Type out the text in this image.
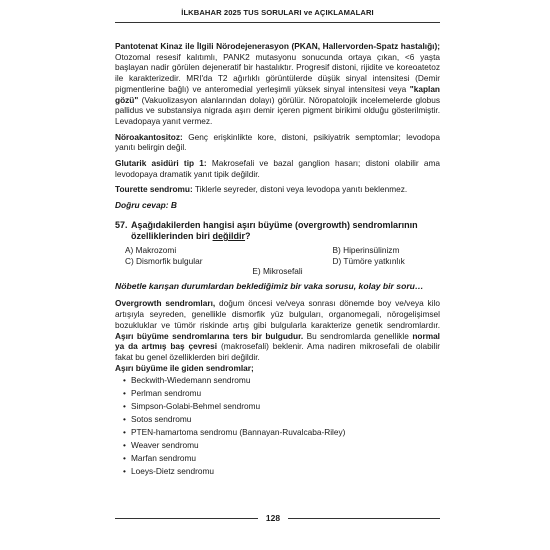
İLKBAHAR 2025 TUS SORULARI ve AÇIKLAMALARI

Pantotenat Kinaz ile İlgili Nörodejenerasyon (PKAN, Hallervorden-Spatz hastalığı); Otozomal resesif kalıtımlı, PANK2 mutasyonu sonucunda ortaya çıkan, <6 yaşta başlayan nadir görülen dejeneratif bir hastalıktır. Progresif distoni, rijidite ve koreoatetoz ile karakterizedir. MRI'da T2 ağırlıklı görüntülerde düşük sinyal intensitesi (Demir pigmentlerine bağlı) ve anteromedial yerleşimli yüksek sinyal intensitesi veya "kaplan gözü" (Vakuolizasyon alanlarından dolayı) görülür. Nöropatolojik incelemelerde globus pallidus ve substansiya nigrada aşırı demir içeren pigment birikimi olduğu gösterilmiştir. Levadopaya yanıt vermez.

Nöroakantositoz: Genç erişkinlikte kore, distoni, psikiyatrik semptomlar; levodopa yanıtı belirgin değil.

Glutarik asidüri tip 1: Makrosefali ve bazal ganglion hasarı; distoni olabilir ama levodopaya dramatik yanıt tipik değildir.

Tourette sendromu: Tiklerle seyreder, distoni veya levodopa yanıtı beklenmez.

Doğru cevap: B

57. Aşağıdakilerden hangisi aşırı büyüme (overgrowth) sendromlarının özelliklerinden biri değildir?
A) Makrozomi	B) Hiperinsülinizm
C) Dismorfik bulgular	D) Tümöre yatkınlık
E) Mikrosefali

Nöbetle karışan durumlardan beklediğimiz bir vaka sorusu, kolay bir soru…

Overgrowth sendromları, doğum öncesi ve/veya sonrası dönemde boy ve/veya kilo artışıyla seyreden, genellikle dismorfik yüz bulguları, organomegali, nörogelişimsel bozukluklar ve tümör riskinde artış gibi bulgularla karakterize genetik sendromlardır. Aşırı büyüme sendromlarına ters bir bulgudur. Bu sendromlarda genellikle normal ya da artmış baş çevresi (makrosefali) beklenir. Ama nadiren mikrosefali de olabilir fakat bu genel özelliklerden biri değildir.
Aşırı büyüme ile giden sendromlar;

• Beckwith-Wiedemann sendromu
• Perlman sendromu
• Simpson-Golabi-Behmel sendromu
• Sotos sendromu
• PTEN-hamartoma sendromu (Bannayan-Ruvalcaba-Riley)
• Weaver sendromu
• Marfan sendromu
• Loeys-Dietz sendromu
128
